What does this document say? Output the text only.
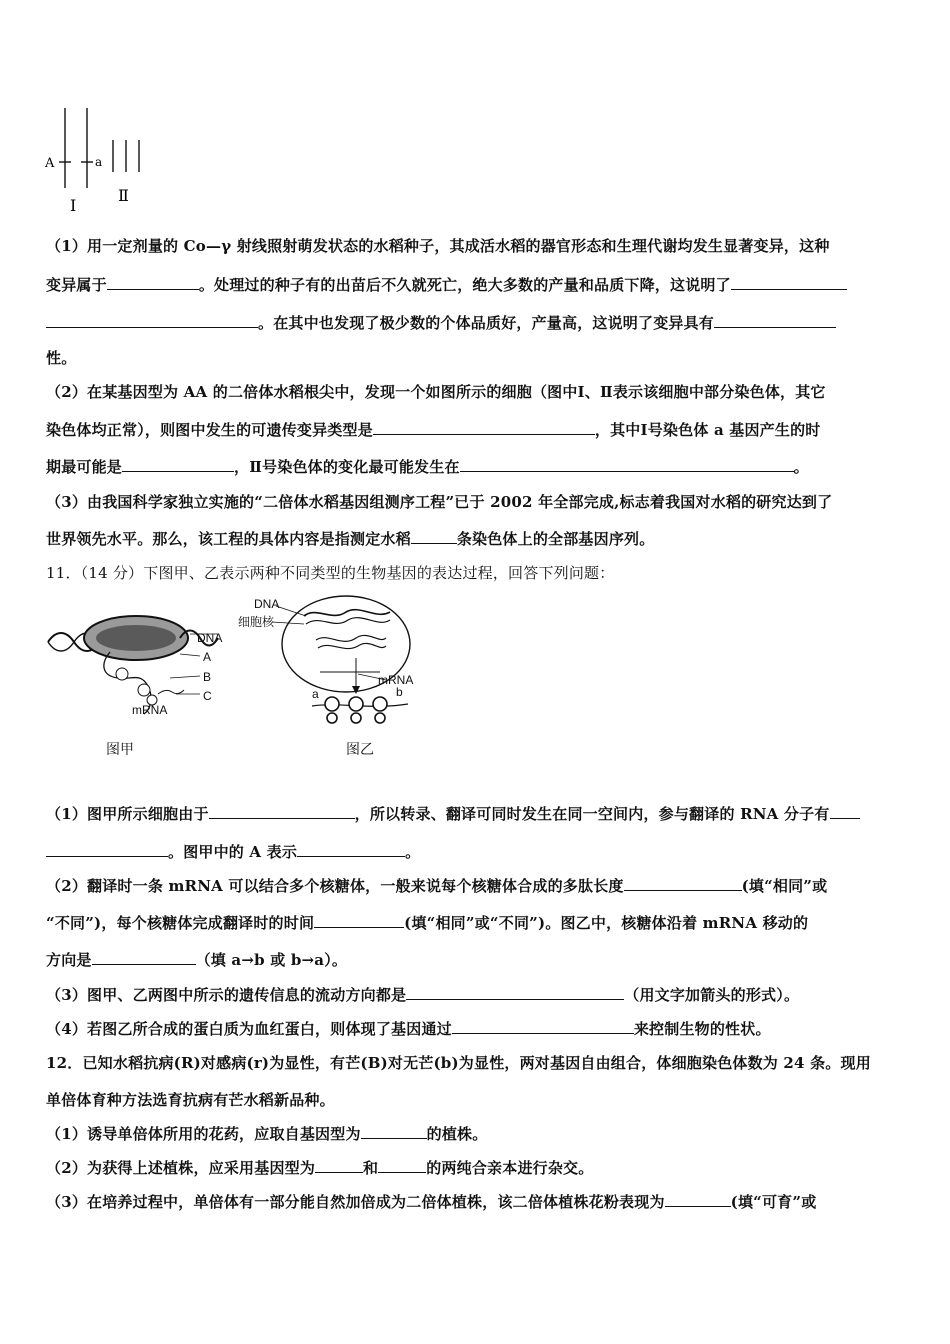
A	a
Ⅰ
Ⅱ
（1）用一定剂量的 Co—γ 射线照射萌发状态的水稻种子，其成活水稻的器官形态和生理代谢均发生显著变异，这种
变异属于	。处理过的种子有的出苗后不久就死亡，绝大多数的产量和品质下降，这说明了
。在其中也发现了极少数的个体品质好，产量高，这说明了变异具有
性。
（2）在某基因型为 AA 的二倍体水稻根尖中，发现一个如图所示的细胞（图中Ⅰ、Ⅱ表示该细胞中部分染色体，其它
染色体均正常），则图中发生的可遗传变异类型是	，其中Ⅰ号染色体 a 基因产生的时
期最可能是	，Ⅱ号染色体的变化最可能发生在	。
（3）由我国科学家独立实施的“二倍体水稻基因组测序工程”已于 2002 年全部完成,标志着我国对水稻的研究达到了
世界领先水平。那么，该工程的具体内容是指测定水稻	条染色体上的全部基因序列。
11．（14 分）下图甲、乙表示两种不同类型的生物基因的表达过程，回答下列问题：
DNA
A
B
C
mRNA
图甲
DNA
细胞核
mRNA
a	b
图乙
（1）图甲所示细胞由于	，所以转录、翻译可同时发生在同一空间内，参与翻译的 RNA 分子有
。图甲中的 A 表示	。
（2）翻译时一条 mRNA 可以结合多个核糖体，一般来说每个核糖体合成的多肽长度	(填“相同”或
“不同”)，每个核糖体完成翻译时的时间	(填“相同”或“不同”)。图乙中，核糖体沿着 mRNA 移动的
方向是	（填 a→b 或 b→a）。
（3）图甲、乙两图中所示的遗传信息的流动方向都是	（用文字加箭头的形式）。
（4）若图乙所合成的蛋白质为血红蛋白，则体现了基因通过	来控制生物的性状。
12．已知水稻抗病(R)对感病(r)为显性，有芒(B)对无芒(b)为显性，两对基因自由组合，体细胞染色体数为 24 条。现用
单倍体育种方法选育抗病有芒水稻新品种。
（1）诱导单倍体所用的花药，应取自基因型为	的植株。
（2）为获得上述植株，应采用基因型为	和	的两纯合亲本进行杂交。
（3）在培养过程中，单倍体有一部分能自然加倍成为二倍体植株，该二倍体植株花粉表现为	(填“可育”或
